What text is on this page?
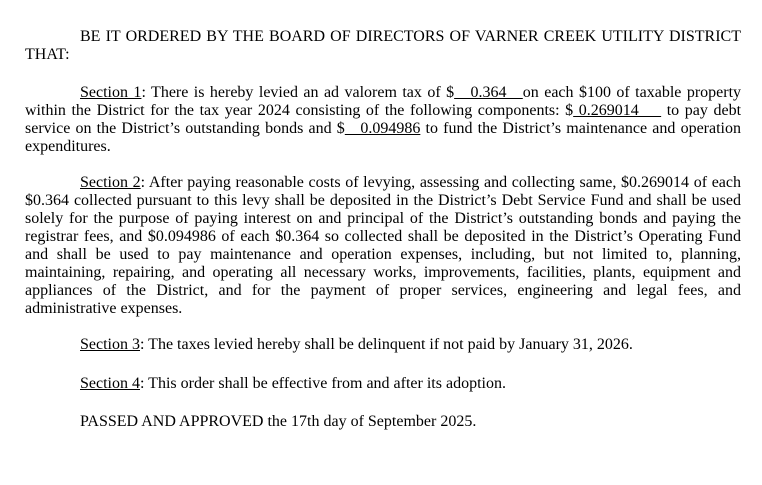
BE IT ORDERED BY THE BOARD OF DIRECTORS OF VARNER CREEK UTILITY DISTRICT THAT:

Section 1: There is hereby levied an ad valorem tax of $   0.364   on each $100 of taxable property within the District for the tax year 2024 consisting of the following components: $ 0.269014     to pay debt service on the District’s outstanding bonds and $   0.094986 to fund the District’s maintenance and operation expenditures.

Section 2: After paying reasonable costs of levying, assessing and collecting same, $0.269014 of each $0.364 collected pursuant to this levy shall be deposited in the District’s Debt Service Fund and shall be used solely for the purpose of paying interest on and principal of the District’s outstanding bonds and paying the registrar fees, and $0.094986 of each $0.364 so collected shall be deposited in the District’s Operating Fund and shall be used to pay maintenance and operation expenses, including, but not limited to, planning, maintaining, repairing, and operating all necessary works, improvements, facilities, plants, equipment and appliances of the District, and for the payment of proper services, engineering and legal fees, and administrative expenses.

Section 3: The taxes levied hereby shall be delinquent if not paid by January 31, 2026.

Section 4: This order shall be effective from and after its adoption.

PASSED AND APPROVED the 17th day of September 2025.
